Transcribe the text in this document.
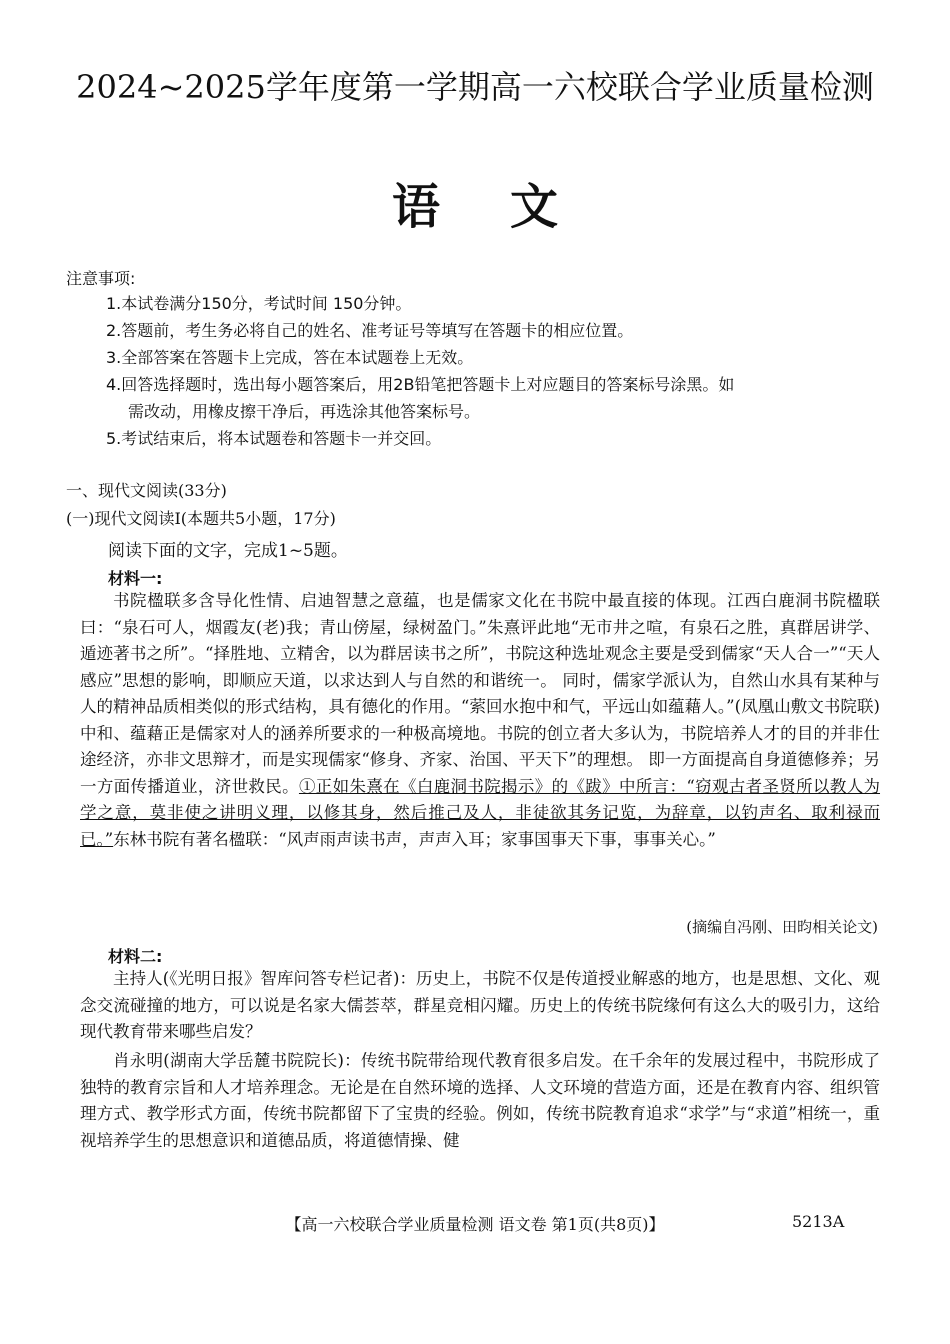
2024~2025学年度第一学期高一六校联合学业质量检测
语文
注意事项:
1.本试卷满分150分，考试时间 150分钟。
2.答题前，考生务必将自己的姓名、准考证号等填写在答题卡的相应位置。
3.全部答案在答题卡上完成，答在本试题卷上无效。
4.回答选择题时，选出每小题答案后，用2B铅笔把答题卡上对应题目的答案标号涂黑。如
需改动，用橡皮擦干净后，再选涂其他答案标号。
5.考试结束后，将本试题卷和答题卡一并交回。
一、现代文阅读(33分)
(一)现代文阅读Ⅰ(本题共5小题，17分)
阅读下面的文字，完成1~5题。
材料一:
书院楹联多含导化性情、启迪智慧之意蕴，也是儒家文化在书院中最直接的体现。江西白鹿洞书院楹联曰：“泉石可人，烟霞友(老)我；青山傍屋，绿树盈门。”朱熹评此地“无市井之喧，有泉石之胜，真群居讲学、遁迹著书之所”。“择胜地、立精舍，以为群居读书之所”，书院这种选址观念主要是受到儒家“天人合一”“天人感应”思想的影响，即顺应天道，以求达到人与自然的和谐统一。 同时，儒家学派认为，自然山水具有某种与人的精神品质相类似的形式结构，具有德化的作用。“萦回水抱中和气，平远山如蕴藉人。”(凤凰山敷文书院联)中和、蕴藉正是儒家对人的涵养所要求的一种极高境地。书院的创立者大多认为，书院培养人才的目的并非仕途经济，亦非文思辩才，而是实现儒家“修身、齐家、治国、平天下”的理想。 即一方面提高自身道德修养；另一方面传播道业，济世救民。①正如朱熹在《白鹿洞书院揭示》的《跋》中所言：“窃观古者圣贤所以教人为学之意，莫非使之讲明义理，以修其身，然后推己及人，非徒欲其务记览，为辞章，以钓声名、取利禄而已。”东林书院有著名楹联：“风声雨声读书声，声声入耳；家事国事天下事，事事关心。”
(摘编自冯刚、田昀相关论文)
材料二:
主持人(《光明日报》智库问答专栏记者)：历史上，书院不仅是传道授业解惑的地方，也是思想、文化、观念交流碰撞的地方，可以说是名家大儒荟萃，群星竞相闪耀。历史上的传统书院缘何有这么大的吸引力，这给现代教育带来哪些启发？
肖永明(湖南大学岳麓书院院长)：传统书院带给现代教育很多启发。在千余年的发展过程中，书院形成了独特的教育宗旨和人才培养理念。无论是在自然环境的选择、人文环境的营造方面，还是在教育内容、组织管理方式、教学形式方面，传统书院都留下了宝贵的经验。例如，传统书院教育追求“求学”与“求道”相统一，重视培养学生的思想意识和道德品质，将道德情操、健
【高一六校联合学业质量检测 语文卷 第1页(共8页)】	5213A
